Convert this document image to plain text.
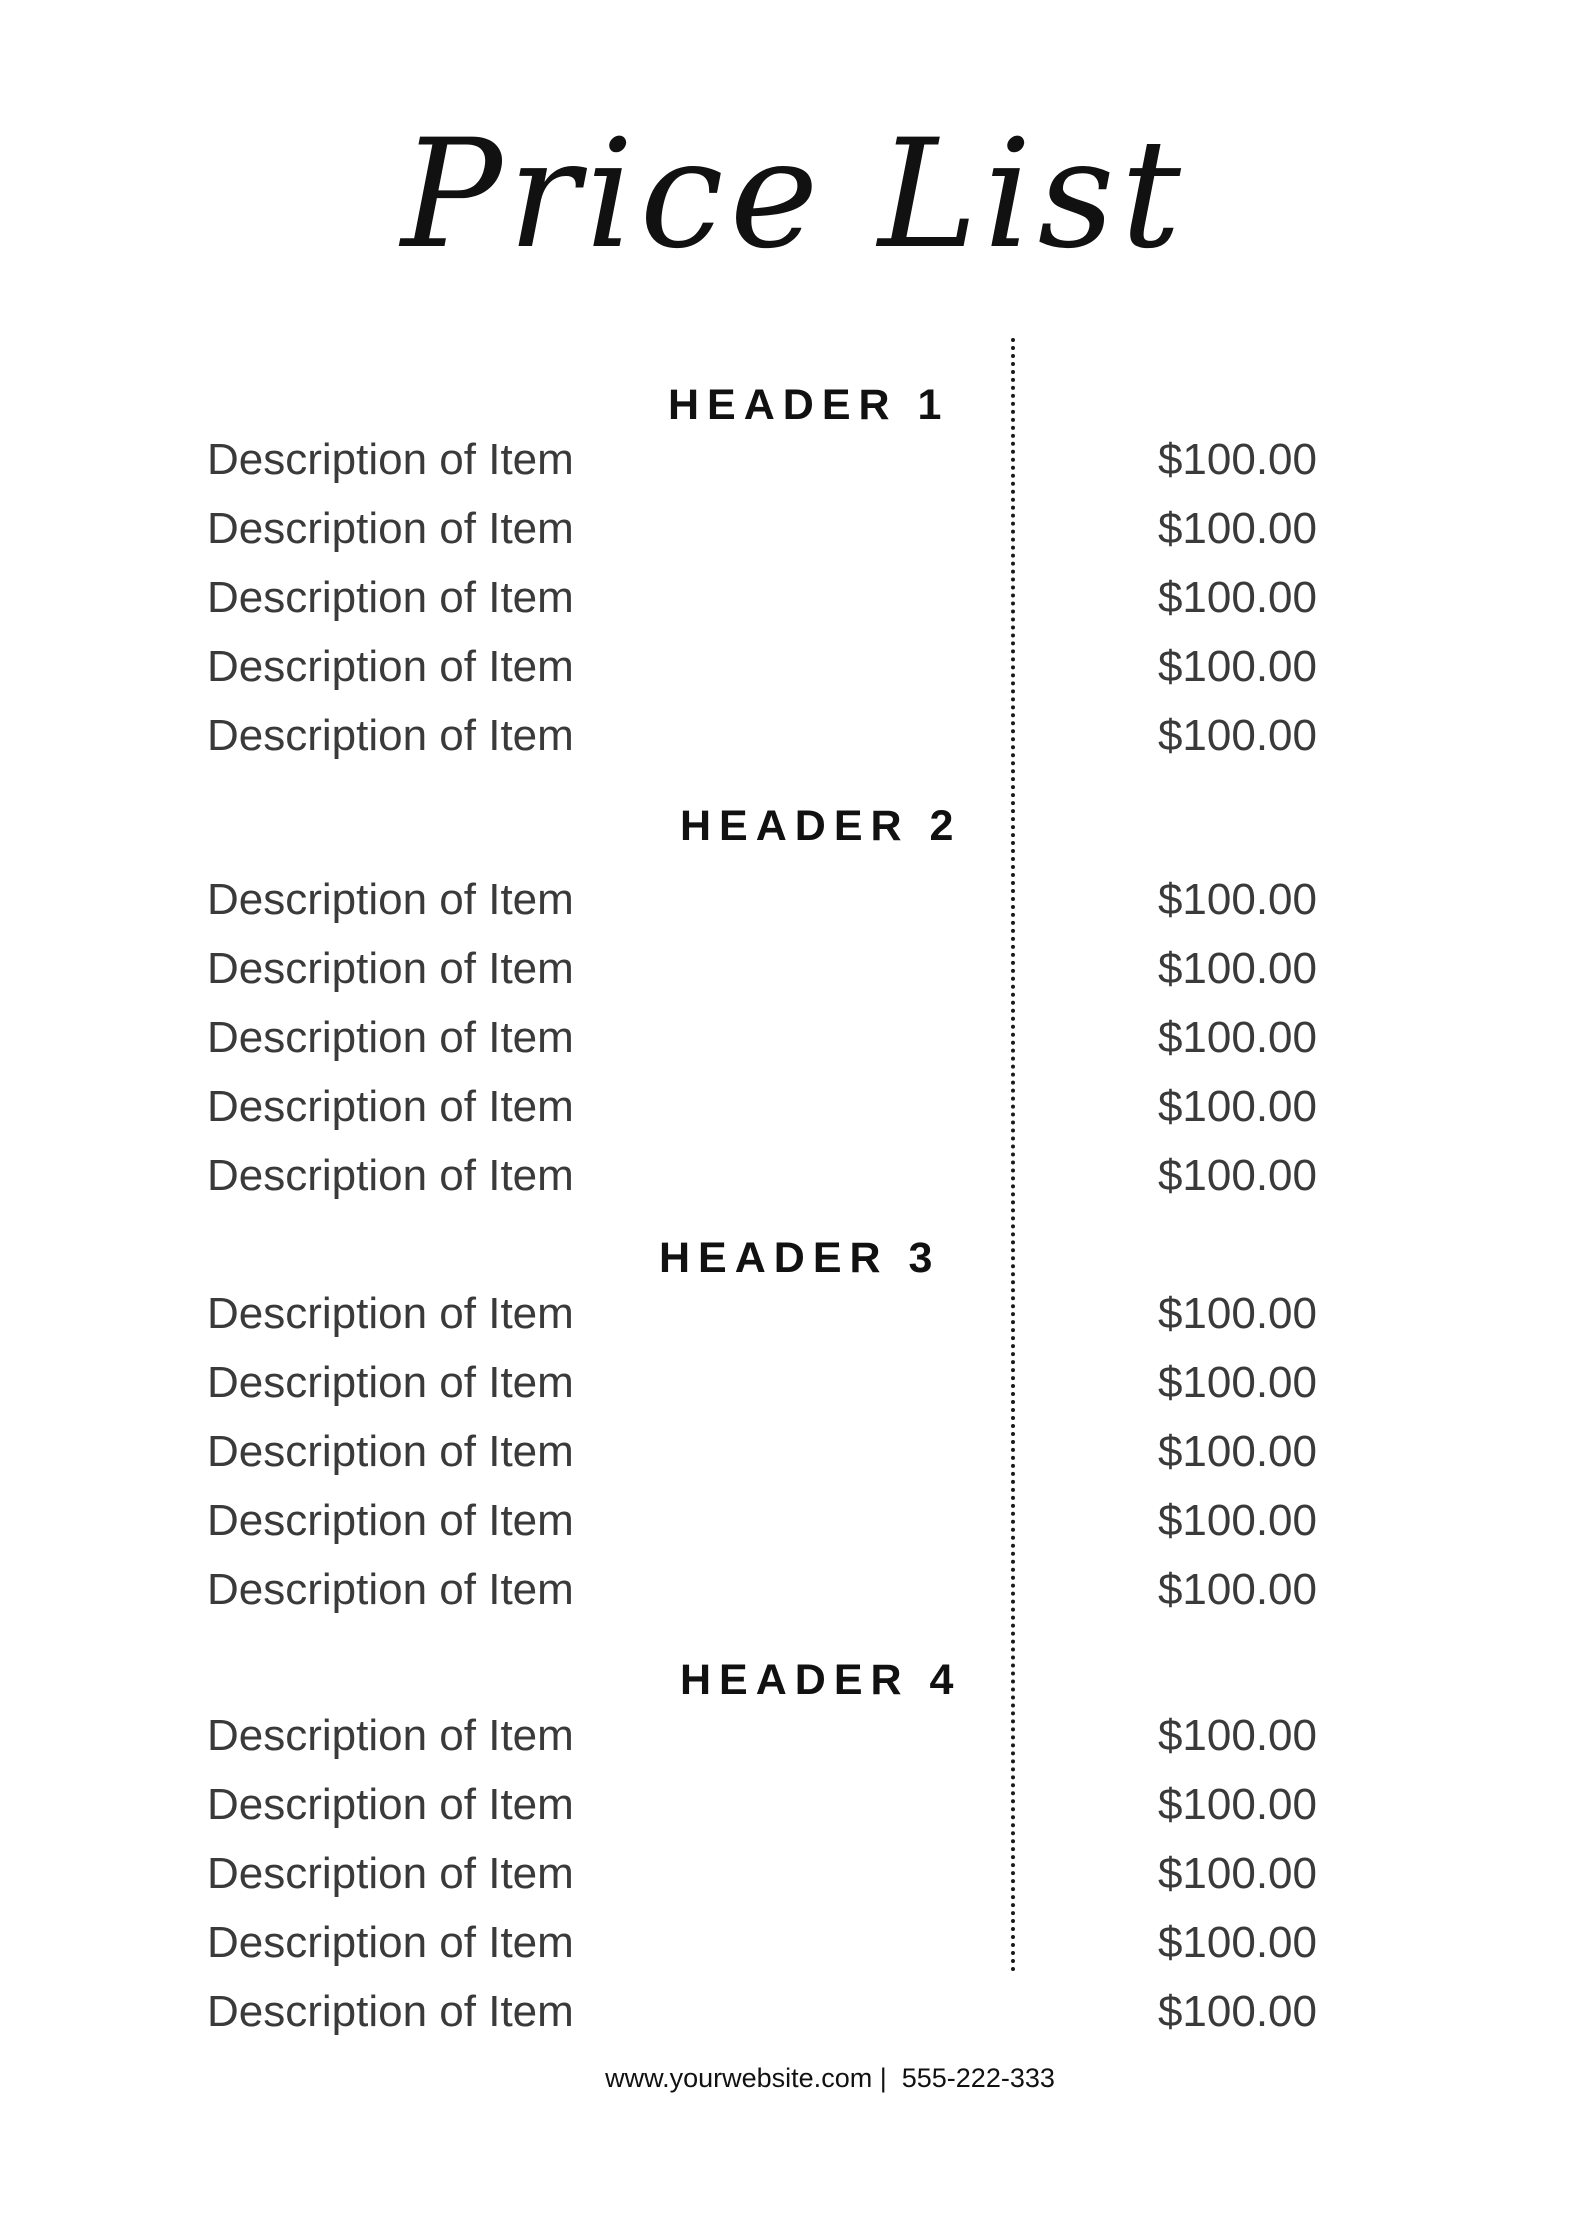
Price List
HEADER 1
Description of Item	$100.00
Description of Item	$100.00
Description of Item	$100.00
Description of Item	$100.00
Description of Item	$100.00
HEADER 2
Description of Item	$100.00
Description of Item	$100.00
Description of Item	$100.00
Description of Item	$100.00
Description of Item	$100.00
HEADER 3
Description of Item	$100.00
Description of Item	$100.00
Description of Item	$100.00
Description of Item	$100.00
Description of Item	$100.00
HEADER 4
Description of Item	$100.00
Description of Item	$100.00
Description of Item	$100.00
Description of Item	$100.00
Description of Item	$100.00
www.yourwebsite.com | 555-222-333
